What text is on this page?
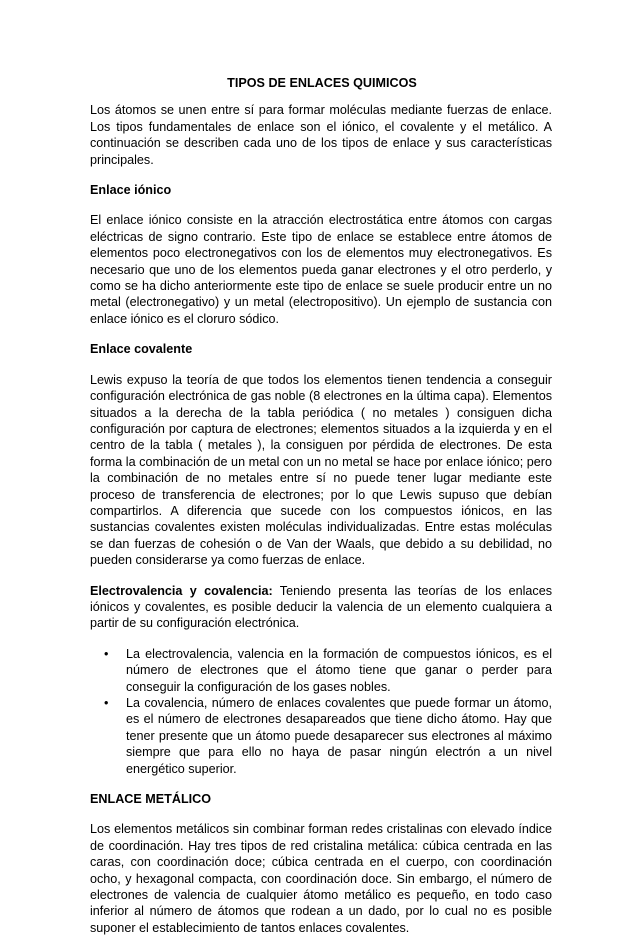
TIPOS DE ENLACES QUIMICOS

Los átomos se unen entre sí para formar moléculas mediante fuerzas de enlace. Los tipos fundamentales de enlace son el iónico, el covalente y el metálico. A continuación se describen cada uno de los tipos de enlace y sus características principales.

Enlace iónico

El enlace iónico consiste en la atracción electrostática entre átomos con cargas eléctricas de signo contrario. Este tipo de enlace se establece entre átomos de elementos poco electronegativos con los de elementos muy electronegativos. Es necesario que uno de los elementos pueda ganar electrones y el otro perderlo, y como se ha dicho anteriormente este tipo de enlace se suele producir entre un no metal (electronegativo) y un metal (electropositivo). Un ejemplo de sustancia con enlace iónico es el cloruro sódico.

Enlace covalente

Lewis expuso la teoría de que todos los elementos tienen tendencia a conseguir configuración electrónica de gas noble (8 electrones en la última capa). Elementos situados a la derecha de la tabla periódica ( no metales ) consiguen dicha configuración por captura de electrones; elementos situados a la izquierda y en el centro de la tabla ( metales ), la consiguen por pérdida de electrones. De esta forma la combinación de un metal con un no metal se hace por enlace iónico; pero la combinación de no metales entre sí no puede tener lugar mediante este proceso de transferencia de electrones; por lo que Lewis supuso que debían compartirlos. A diferencia que sucede con los compuestos iónicos, en las sustancias covalentes existen moléculas individualizadas. Entre estas moléculas se dan fuerzas de cohesión o de Van der Waals, que debido a su debilidad, no pueden considerarse ya como fuerzas de enlace.

Electrovalencia y covalencia: Teniendo presenta las teorías de los enlaces iónicos y covalentes, es posible deducir la valencia de un elemento cualquiera a partir de su configuración electrónica.

• La electrovalencia, valencia en la formación de compuestos iónicos, es el número de electrones que el átomo tiene que ganar o perder para conseguir la configuración de los gases nobles.
• La covalencia, número de enlaces covalentes que puede formar un átomo, es el número de electrones desapareados que tiene dicho átomo. Hay que tener presente que un átomo puede desaparecer sus electrones al máximo siempre que para ello no haya de pasar ningún electrón a un nivel energético superior.
ENLACE METÁLICO

Los elementos metálicos sin combinar forman redes cristalinas con elevado índice de coordinación. Hay tres tipos de red cristalina metálica: cúbica centrada en las caras, con coordinación doce; cúbica centrada en el cuerpo, con coordinación ocho, y hexagonal compacta, con coordinación doce. Sin embargo, el número de electrones de valencia de cualquier átomo metálico es pequeño, en todo caso inferior al número de átomos que rodean a un dado, por lo cual no es posible suponer el establecimiento de tantos enlaces covalentes.
